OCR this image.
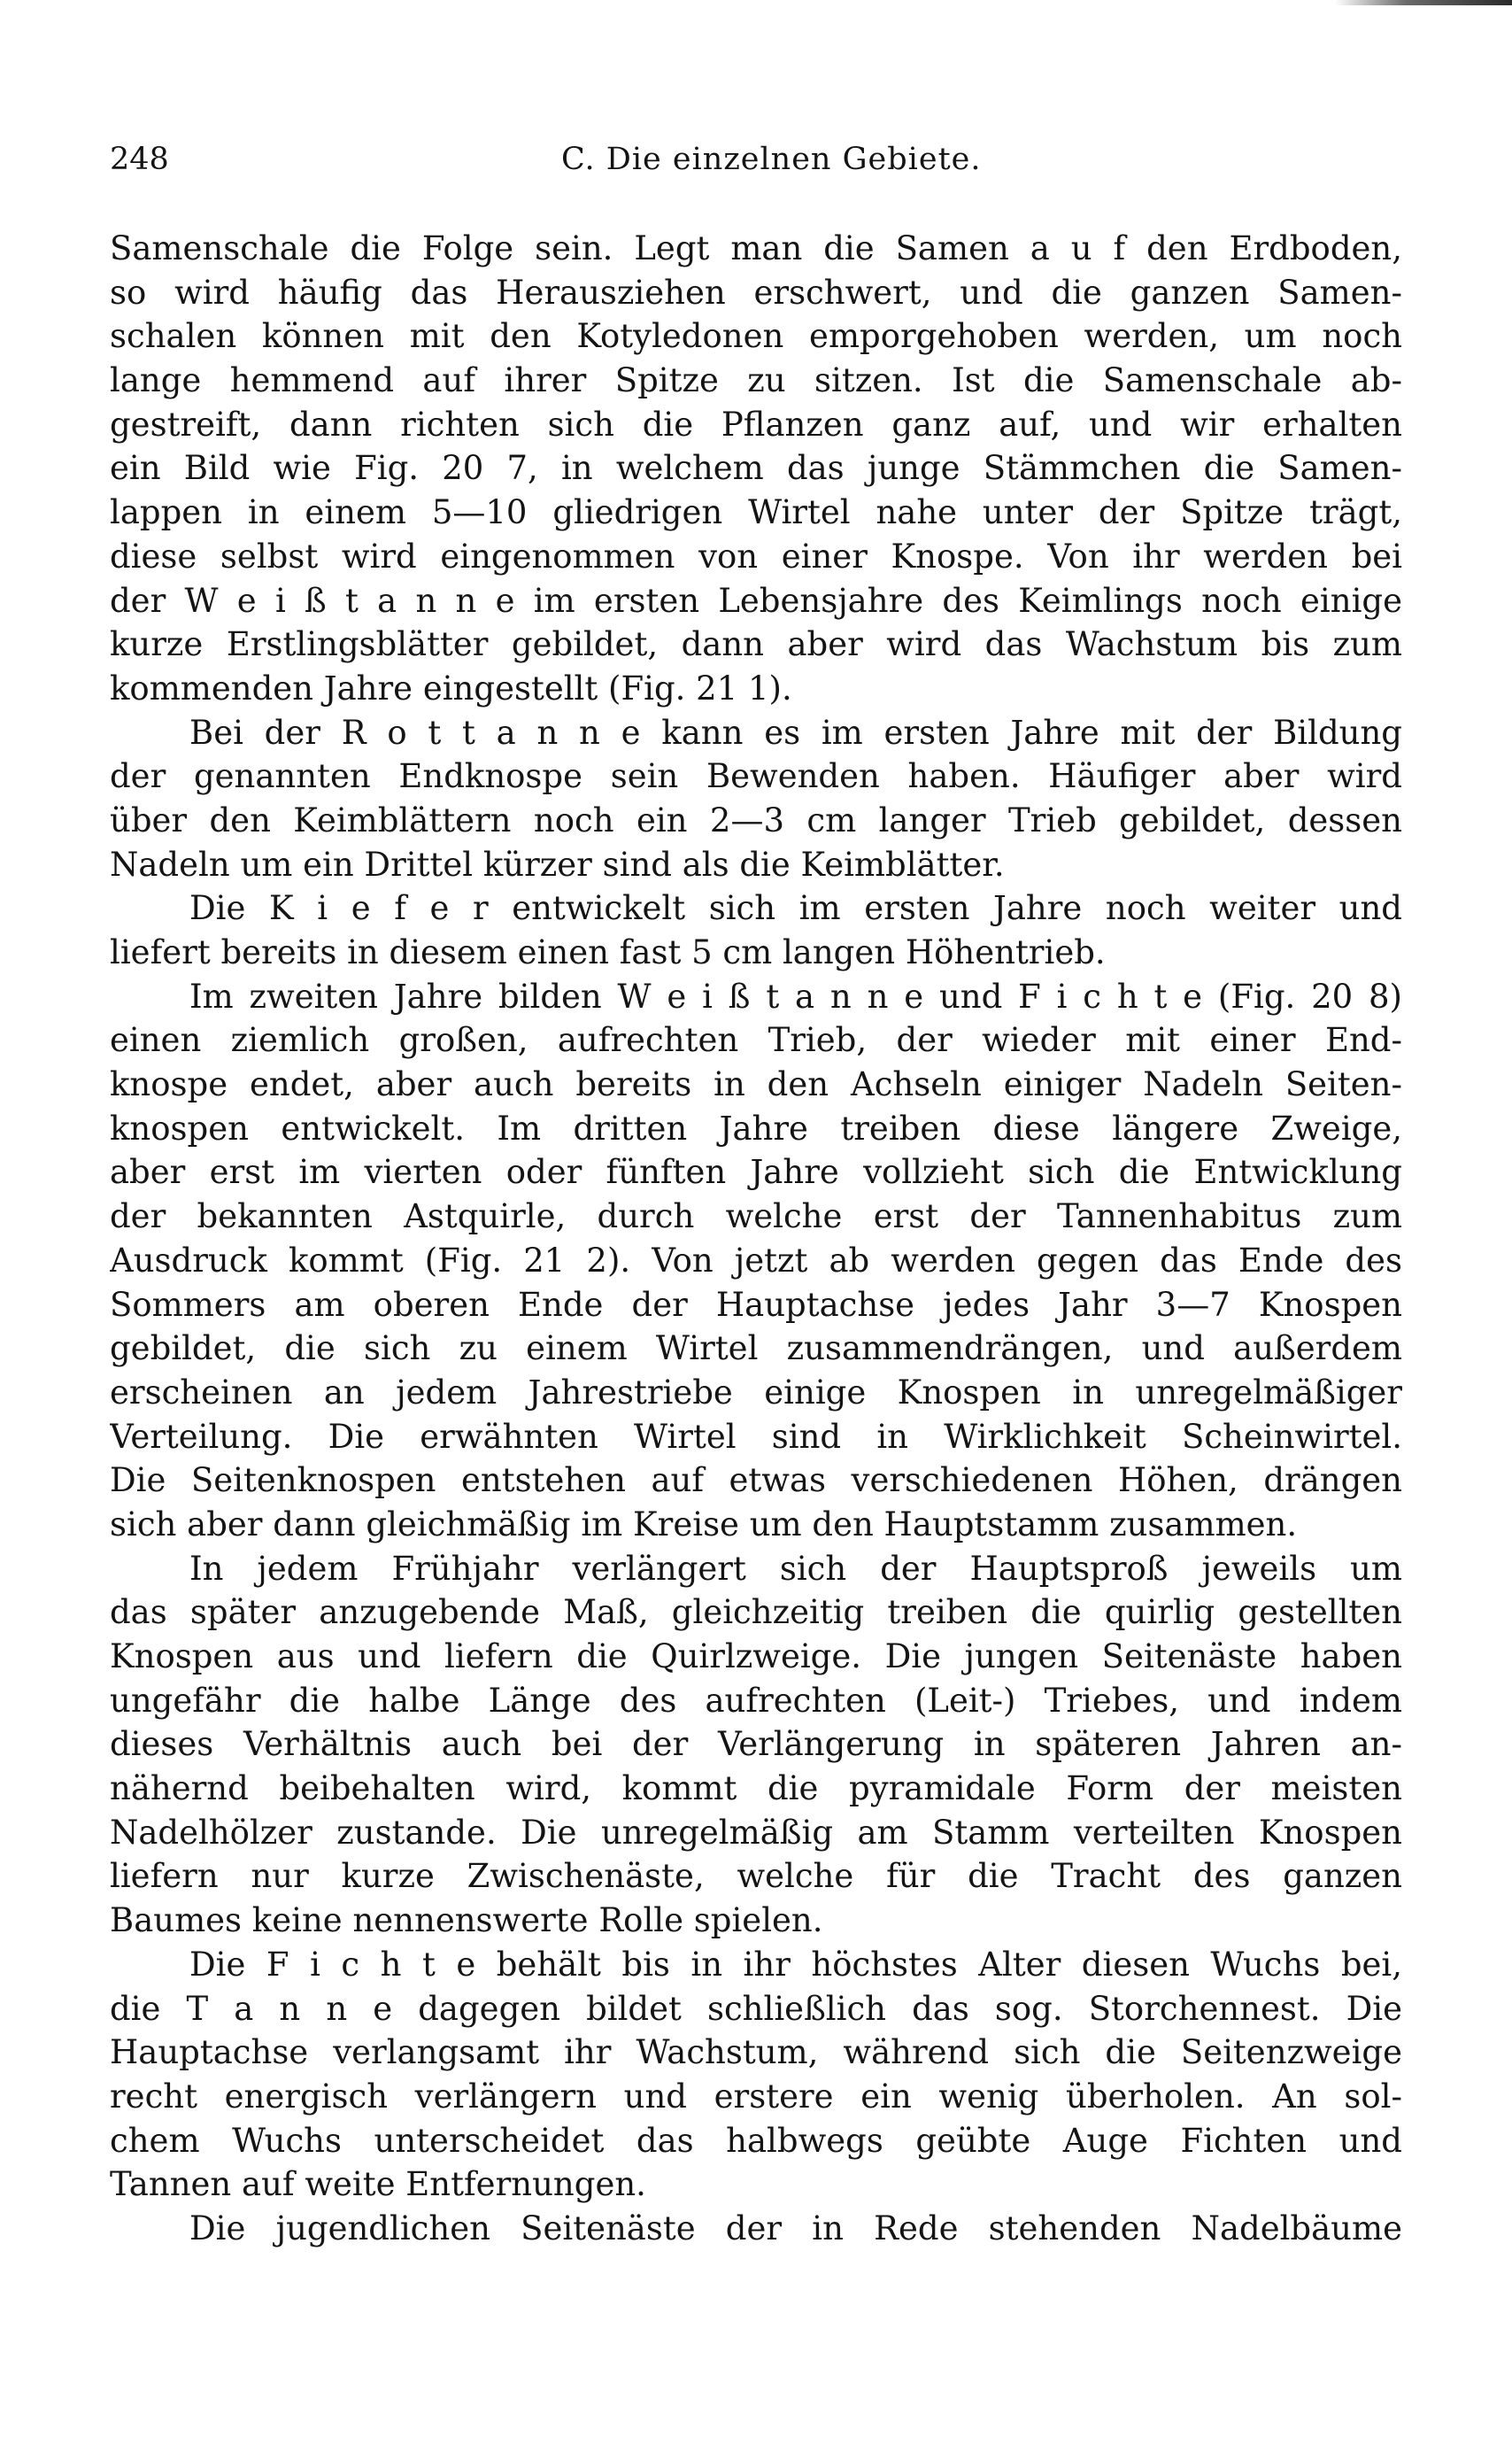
248	C. Die einzelnen Gebiete.
Samenschale die Folge sein. Legt man die Samen a u f den Erdboden,
so wird häufig das Herausziehen erschwert, und die ganzen Samen-
schalen können mit den Kotyledonen emporgehoben werden, um noch
lange hemmend auf ihrer Spitze zu sitzen. Ist die Samenschale ab-
gestreift, dann richten sich die Pflanzen ganz auf, und wir erhalten
ein Bild wie Fig. 20 7, in welchem das junge Stämmchen die Samen-
lappen in einem 5—10 gliedrigen Wirtel nahe unter der Spitze trägt,
diese selbst wird eingenommen von einer Knospe. Von ihr werden bei
der W e i ß t a n n e im ersten Lebensjahre des Keimlings noch einige
kurze Erstlingsblätter gebildet, dann aber wird das Wachstum bis zum
kommenden Jahre eingestellt (Fig. 21 1).
Bei der R o t t a n n e kann es im ersten Jahre mit der Bildung
der genannten Endknospe sein Bewenden haben. Häufiger aber wird
über den Keimblättern noch ein 2—3 cm langer Trieb gebildet, dessen
Nadeln um ein Drittel kürzer sind als die Keimblätter.
Die K i e f e r entwickelt sich im ersten Jahre noch weiter und
liefert bereits in diesem einen fast 5 cm langen Höhentrieb.
Im zweiten Jahre bilden W e i ß t a n n e und F i c h t e (Fig. 20 8)
einen ziemlich großen, aufrechten Trieb, der wieder mit einer End-
knospe endet, aber auch bereits in den Achseln einiger Nadeln Seiten-
knospen entwickelt. Im dritten Jahre treiben diese längere Zweige,
aber erst im vierten oder fünften Jahre vollzieht sich die Entwicklung
der bekannten Astquirle, durch welche erst der Tannenhabitus zum
Ausdruck kommt (Fig. 21 2). Von jetzt ab werden gegen das Ende des
Sommers am oberen Ende der Hauptachse jedes Jahr 3—7 Knospen
gebildet, die sich zu einem Wirtel zusammendrängen, und außerdem
erscheinen an jedem Jahrestriebe einige Knospen in unregelmäßiger
Verteilung. Die erwähnten Wirtel sind in Wirklichkeit Scheinwirtel.
Die Seitenknospen entstehen auf etwas verschiedenen Höhen, drängen
sich aber dann gleichmäßig im Kreise um den Hauptstamm zusammen.
In jedem Frühjahr verlängert sich der Hauptsproß jeweils um
das später anzugebende Maß, gleichzeitig treiben die quirlig gestellten
Knospen aus und liefern die Quirlzweige. Die jungen Seitenäste haben
ungefähr die halbe Länge des aufrechten (Leit-) Triebes, und indem
dieses Verhältnis auch bei der Verlängerung in späteren Jahren an-
nähernd beibehalten wird, kommt die pyramidale Form der meisten
Nadelhölzer zustande. Die unregelmäßig am Stamm verteilten Knospen
liefern nur kurze Zwischenäste, welche für die Tracht des ganzen
Baumes keine nennenswerte Rolle spielen.
Die F i c h t e behält bis in ihr höchstes Alter diesen Wuchs bei,
die T a n n e dagegen bildet schließlich das sog. Storchennest. Die
Hauptachse verlangsamt ihr Wachstum, während sich die Seitenzweige
recht energisch verlängern und erstere ein wenig überholen. An sol-
chem Wuchs unterscheidet das halbwegs geübte Auge Fichten und
Tannen auf weite Entfernungen.
Die jugendlichen Seitenäste der in Rede stehenden Nadelbäume
